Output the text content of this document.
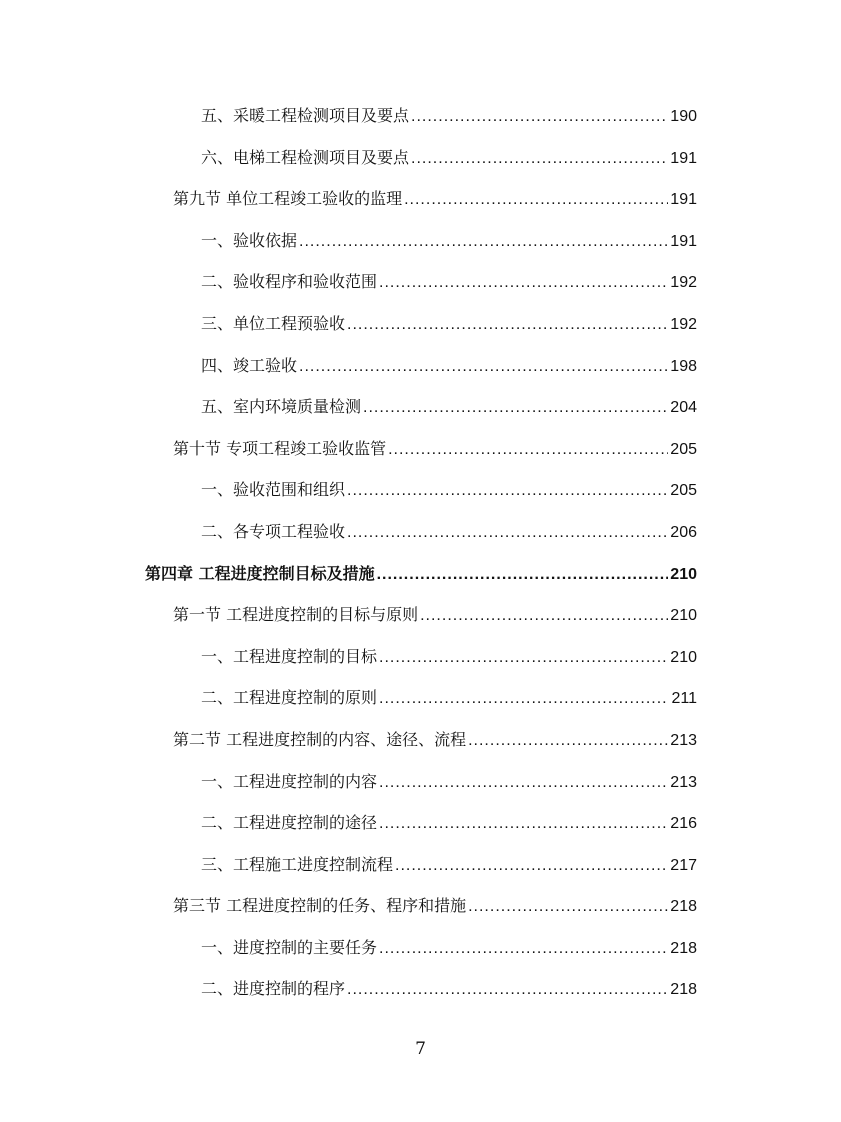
五、采暖工程检测项目及要点 .....	190
六、电梯工程检测项目及要点 .....	191
第九节 单位工程竣工验收的监理 .....	191
一、验收依据 .....	191
二、验收程序和验收范围 .....	192
三、单位工程预验收 .....	192
四、竣工验收 .....	198
五、室内环境质量检测 .....	204
第十节 专项工程竣工验收监管 .....	205
一、验收范围和组织 .....	205
二、各专项工程验收 .....	206
第四章 工程进度控制目标及措施 .....	210
第一节 工程进度控制的目标与原则 .....	210
一、工程进度控制的目标 .....	210
二、工程进度控制的原则 .....	211
第二节 工程进度控制的内容、途径、流程 .....	213
一、工程进度控制的内容 .....	213
二、工程进度控制的途径 .....	216
三、工程施工进度控制流程 .....	217
第三节 工程进度控制的任务、程序和措施 .....	218
一、进度控制的主要任务 .....	218
二、进度控制的程序 .....	218
7
